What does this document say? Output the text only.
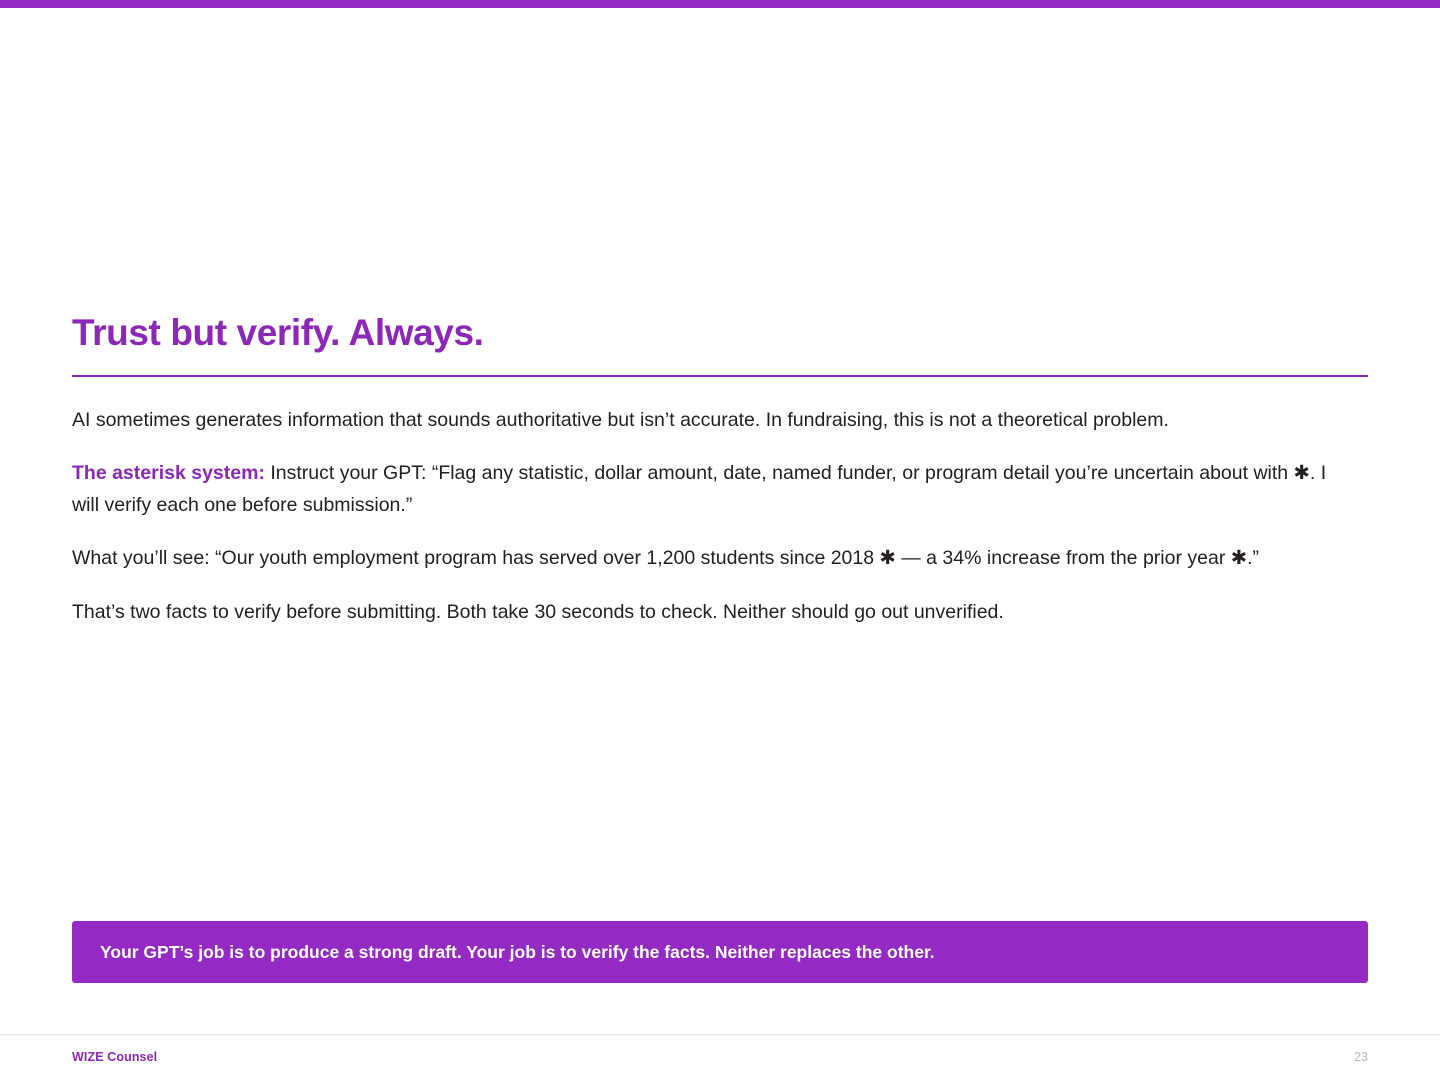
Trust but verify. Always.

AI sometimes generates information that sounds authoritative but isn’t accurate. In fundraising, this is not a theoretical problem.

The asterisk system: Instruct your GPT: “Flag any statistic, dollar amount, date, named funder, or program detail you’re uncertain about with ✱. I will verify each one before submission.”

What you’ll see: “Our youth employment program has served over 1,200 students since 2018 ✱ — a 34% increase from the prior year ✱.”

That’s two facts to verify before submitting. Both take 30 seconds to check. Neither should go out unverified.

Your GPT’s job is to produce a strong draft. Your job is to verify the facts. Neither replaces the other.
WIZE Counsel	23
